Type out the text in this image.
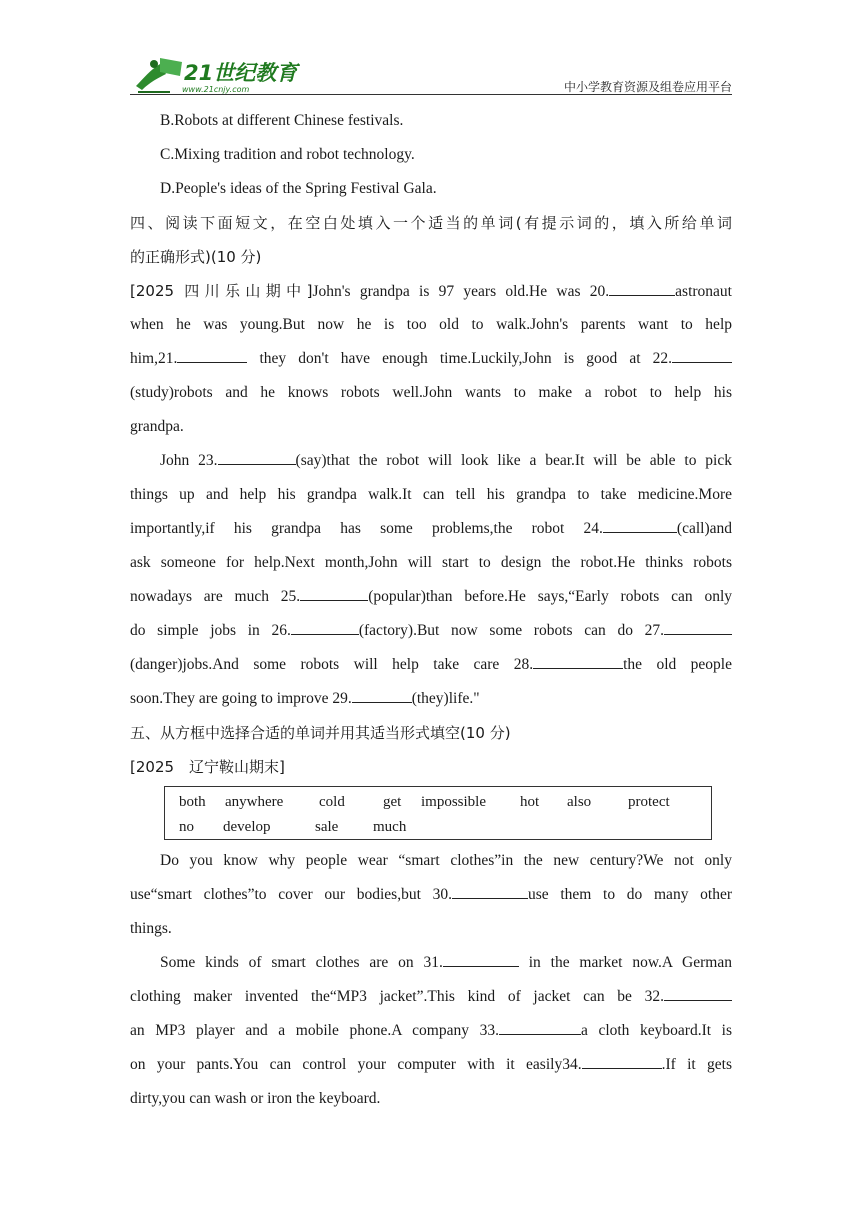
21世纪教育
www.21cnjy.com	中小学教育资源及组卷应用平台
B.Robots at different Chinese festivals.
C.Mixing tradition and robot technology.
D.People's ideas of the Spring Festival Gala.
四、阅读下面短文，在空白处填入一个适当的单词(有提示词的，填入所给单词
的正确形式)(10 分)
[2025 四川乐山期中]John's grandpa is 97 years old.He was 20.	astronaut
when he was young.But now he is too old to walk.John's parents want to help
him,21.	they don't have enough time.Luckily,John is good at 22.
(study)robots and he knows robots well.John wants to make a robot to help his
grandpa.
John 23.	(say)that the robot will look like a bear.It will be able to pick
things up and help his grandpa walk.It can tell his grandpa to take medicine.More
importantly,if his grandpa has some problems,the robot 24.	(call)and
ask someone for help.Next month,John will start to design the robot.He thinks robots
nowadays are much 25.	(popular)than before.He says,“Early robots can only
do simple jobs in 26.	(factory).But now some robots can do 27.
(danger)jobs.And some robots will help take care 28.	the old people
soon.They are going to improve 29.	(they)life."
五、从方框中选择合适的单词并用其适当形式填空(10 分)
[2025　辽宁鞍山期末]
both anywhere cold	get impossible hot also protect
no develop	sale much
Do you know why people wear “smart clothes”in the new century?We not only
use“smart clothes”to cover our bodies,but 30.	use them to do many other
things.
Some kinds of smart clothes are on 31.	in the market now.A German
clothing maker invented the“MP3 jacket”.This kind of jacket can be 32.
an MP3 player and a mobile phone.A company 33.	a cloth keyboard.It is
on your pants.You can control your computer with it easily34.	.If it gets
dirty,you can wash or iron the keyboard.
